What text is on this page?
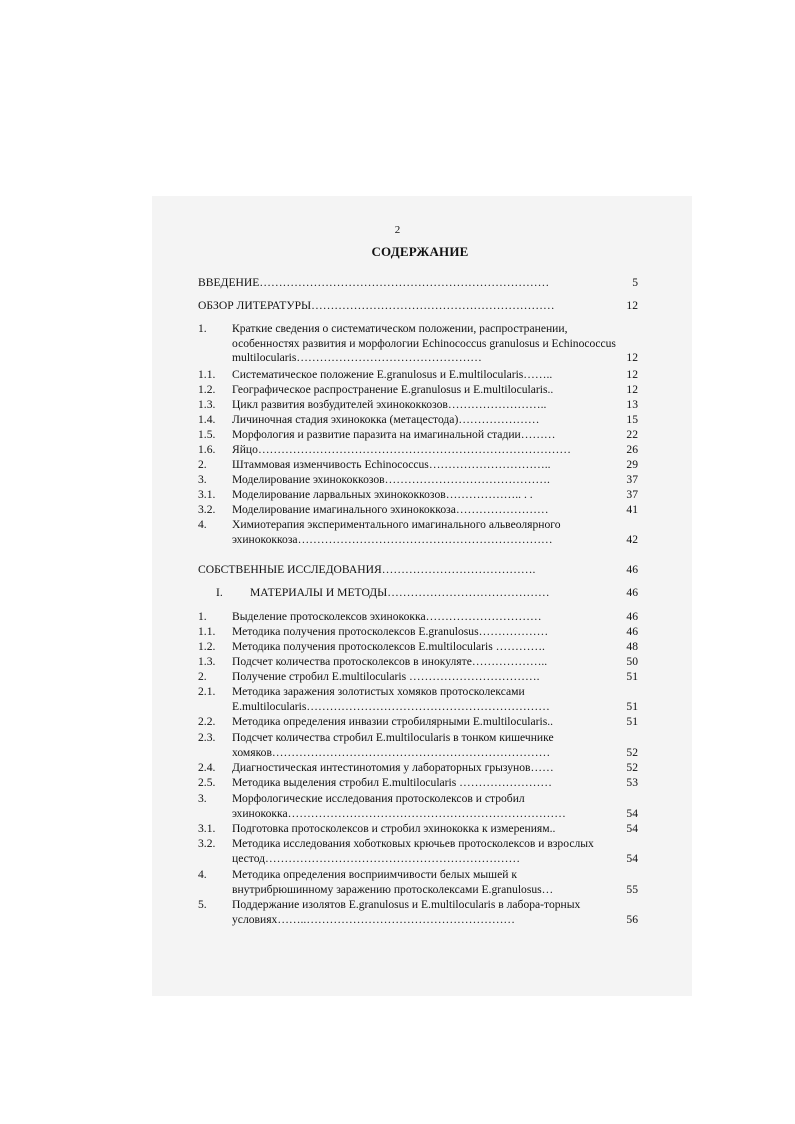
2
СОДЕРЖАНИЕ
ВВЕДЕНИЕ…………………………………………………………………	5
ОБЗОР ЛИТЕРАТУРЫ………………………………………………………	12
1. Краткие сведения о систематическом положении, распространении, особенностях развития и морфологии Echinococcus granulosus и Echinococcus multilocularis…………………………………………	12
1.1. Систематическое положение E.granulosus и E.multilocularis……..	12
1.2. Географическое распространение E.granulosus и E.multilocularis..	12
1.3. Цикл развития возбудителей эхинококкозов……………………..	13
1.4. Личиночная стадия эхинококка (метацестода)…………………	15
1.5. Морфология и развитие паразита на имагинальной стадии………	22
1.6. Яйцо………………………………………………………………………	26
2. Штаммовая изменчивость Echinococcus…………………………..	29
3. Моделирование эхинококкозов…………………………………….	37
3.1. Моделирование ларвальных эхинококкозов……………….. . .	37
3.2. Моделирование имагинального эхинококкоза……………………	41
4. Химиотерапия экспериментального имагинального альвеолярного эхинококкоза…………………………………………………………	42
СОБСТВЕННЫЕ ИССЛЕДОВАНИЯ………………………………….	46
I. МАТЕРИАЛЫ И МЕТОДЫ……………………………………	46
1. Выделение протосколексов эхинококка…………………………	46
1.1. Методика получения протосколексов E.granulosus………………	46
1.2. Методика получения протосколексов E.multilocularis ………….	48
1.3. Подсчет количества протосколексов в инокуляте………………..	50
2. Получение стробил E.multilocularis …………………………….	51
2.1. Методика заражения золотистых хомяков протосколексами E.multilocularis………………………………………………………	51
2.2. Методика определения инвазии стробилярными E.multilocularis..	51
2.3. Подсчет количества стробил E.multilocularis в тонком кишечнике хомяков………………………………………………………………	52
2.4. Диагностическая интестинотомия у лабораторных грызунов……	52
2.5. Методика выделения стробил E.multilocularis ……………………	53
3. Морфологические исследования протосколексов и стробил эхинококка………………………………………………………………	54
3.1. Подготовка протосколексов и стробил эхинококка к измерениям..	54
3.2. Методика исследования хоботковых крючьев протосколексов и взрослых цестод…………………………………………………………	54
4. Методика определения восприимчивости белых мышей к внутрибрюшинному заражению протосколексами E.granulosus…	55
5. Поддержание изолятов E.granulosus и E.multilocularis в лабора-торных условиях……..………………………………………………	56
